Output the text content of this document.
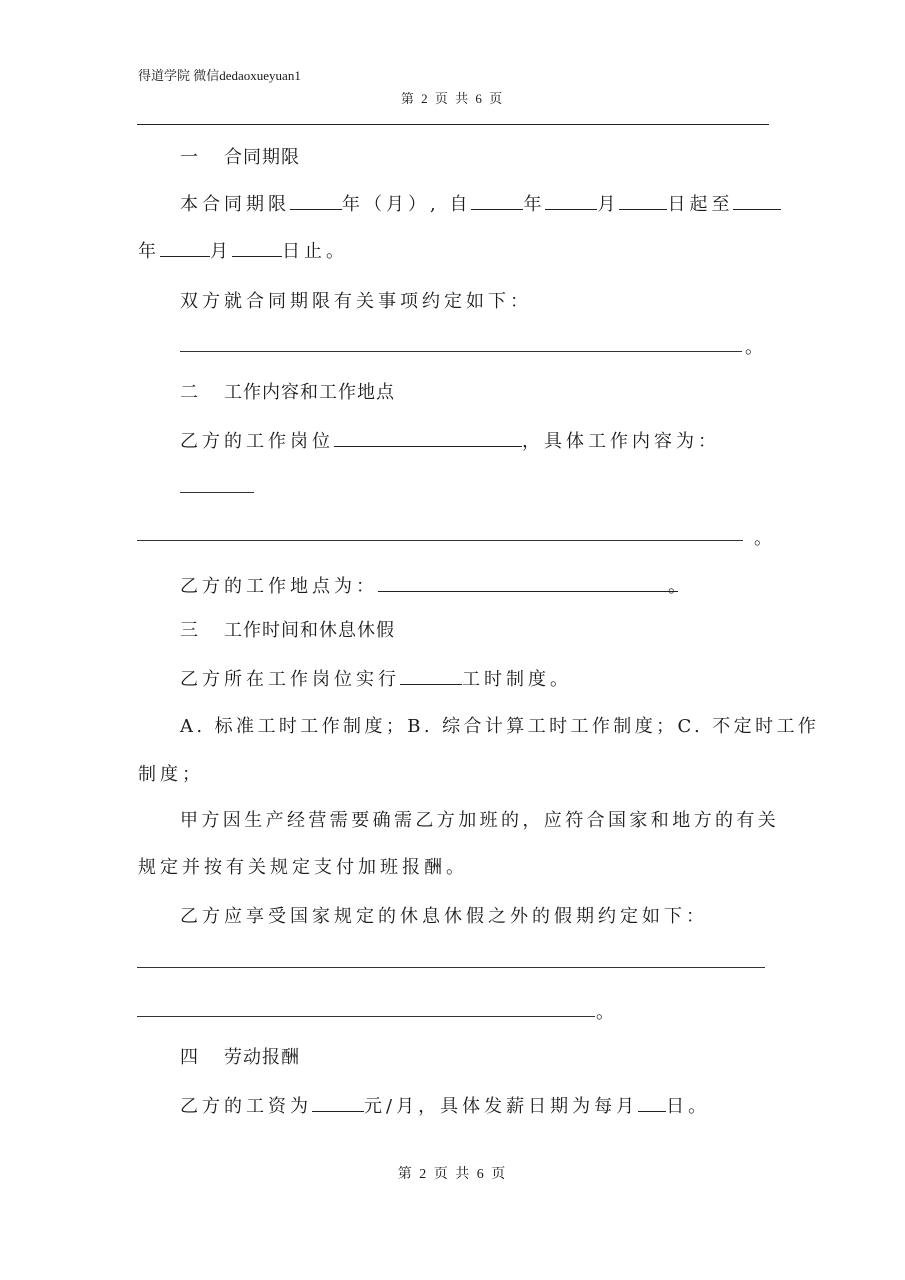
得道学院 微信dedaoxueyuan1
第 2 页 共 6 页
一 合同期限
本合同期限	年（月）, 自	年	月	日起至
年	月	日止。
双方就合同期限有关事项约定如下：
。
二 工作内容和工作地点
乙方的工作岗位	，具体工作内容为：
。
乙方的工作地点为：	。
三 工作时间和休息休假
乙方所在工作岗位实行	工时制度。
A. 标准工时工作制度；B. 综合计算工时工作制度；C. 不定时工作
制度；
甲方因生产经营需要确需乙方加班的，应符合国家和地方的有关
规定并按有关规定支付加班报酬。
乙方应享受国家规定的休息休假之外的假期约定如下：
。
四 劳动报酬
乙方的工资为	元/月，具体发薪日期为每月 日。
第 2 页 共 6 页
